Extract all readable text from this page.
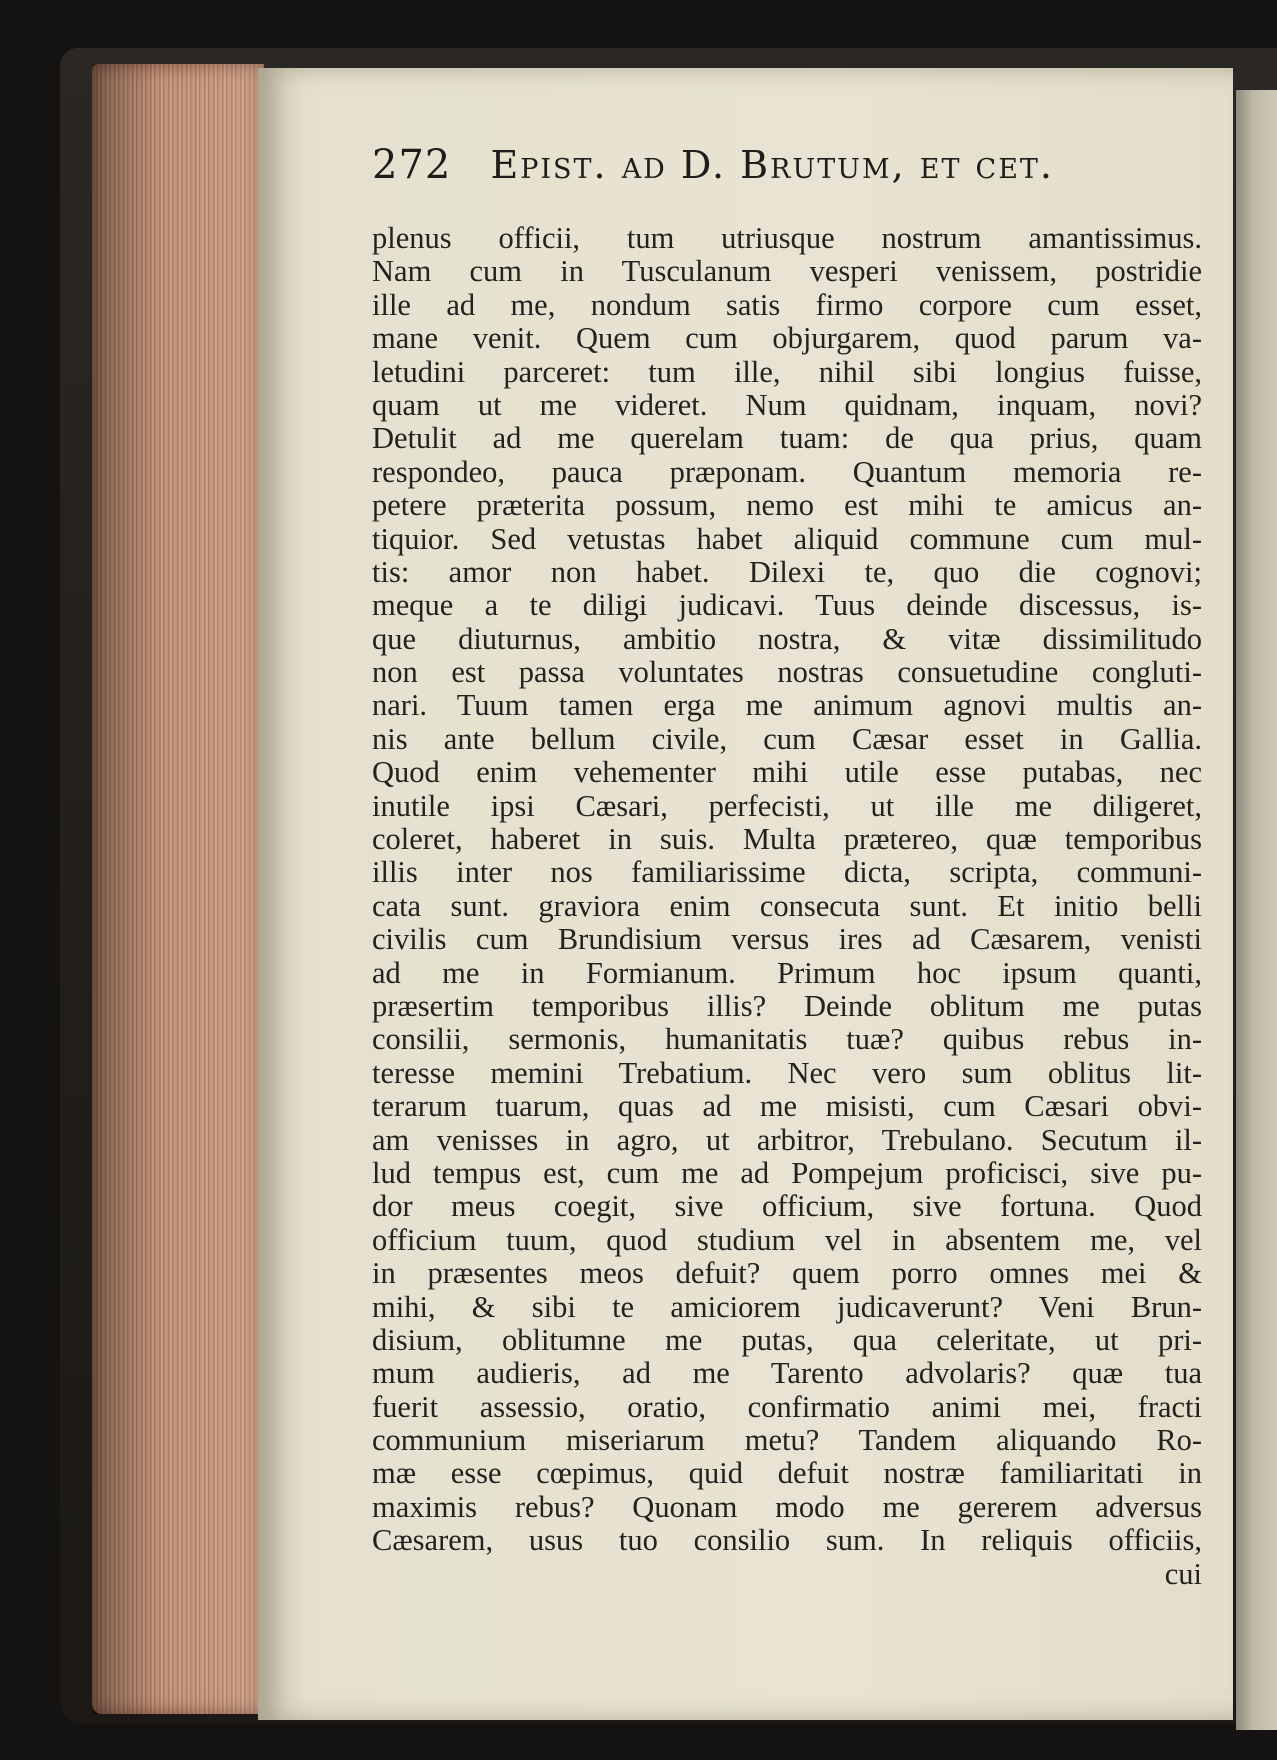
272 Epist. ad D. Brutum, et cet.
plenus officii, tum utriusque nostrum amantissimus.
Nam cum in Tusculanum vesperi venissem, postridie
ille ad me, nondum satis firmo corpore cum esset,
mane venit. Quem cum objurgarem, quod parum va-
letudini parceret: tum ille, nihil sibi longius fuisse,
quam ut me videret. Num quidnam, inquam, novi?
Detulit ad me querelam tuam: de qua prius, quam
respondeo, pauca præponam. Quantum memoria re-
petere præterita possum, nemo est mihi te amicus an-
tiquior. Sed vetustas habet aliquid commune cum mul-
tis: amor non habet. Dilexi te, quo die cognovi;
meque a te diligi judicavi. Tuus deinde discessus, is-
que diuturnus, ambitio nostra, & vitæ dissimilitudo
non est passa voluntates nostras consuetudine congluti-
nari. Tuum tamen erga me animum agnovi multis an-
nis ante bellum civile, cum Cæsar esset in Gallia.
Quod enim vehementer mihi utile esse putabas, nec
inutile ipsi Cæsari, perfecisti, ut ille me diligeret,
coleret, haberet in suis. Multa prætereo, quæ temporibus
illis inter nos familiarissime dicta, scripta, communi-
cata sunt. graviora enim consecuta sunt. Et initio belli
civilis cum Brundisium versus ires ad Cæsarem, venisti
ad me in Formianum. Primum hoc ipsum quanti,
præsertim temporibus illis? Deinde oblitum me putas
consilii, sermonis, humanitatis tuæ? quibus rebus in-
teresse memini Trebatium. Nec vero sum oblitus lit-
terarum tuarum, quas ad me misisti, cum Cæsari obvi-
am venisses in agro, ut arbitror, Trebulano. Secutum il-
lud tempus est, cum me ad Pompejum proficisci, sive pu-
dor meus coegit, sive officium, sive fortuna. Quod
officium tuum, quod studium vel in absentem me, vel
in præsentes meos defuit? quem porro omnes mei &
mihi, & sibi te amiciorem judicaverunt? Veni Brun-
disium, oblitumne me putas, qua celeritate, ut pri-
mum audieris, ad me Tarento advolaris? quæ tua
fuerit assessio, oratio, confirmatio animi mei, fracti
communium miseriarum metu? Tandem aliquando Ro-
mæ esse cœpimus, quid defuit nostræ familiaritati in
maximis rebus? Quonam modo me gererem adversus
Cæsarem, usus tuo consilio sum. In reliquis officiis,
cui
